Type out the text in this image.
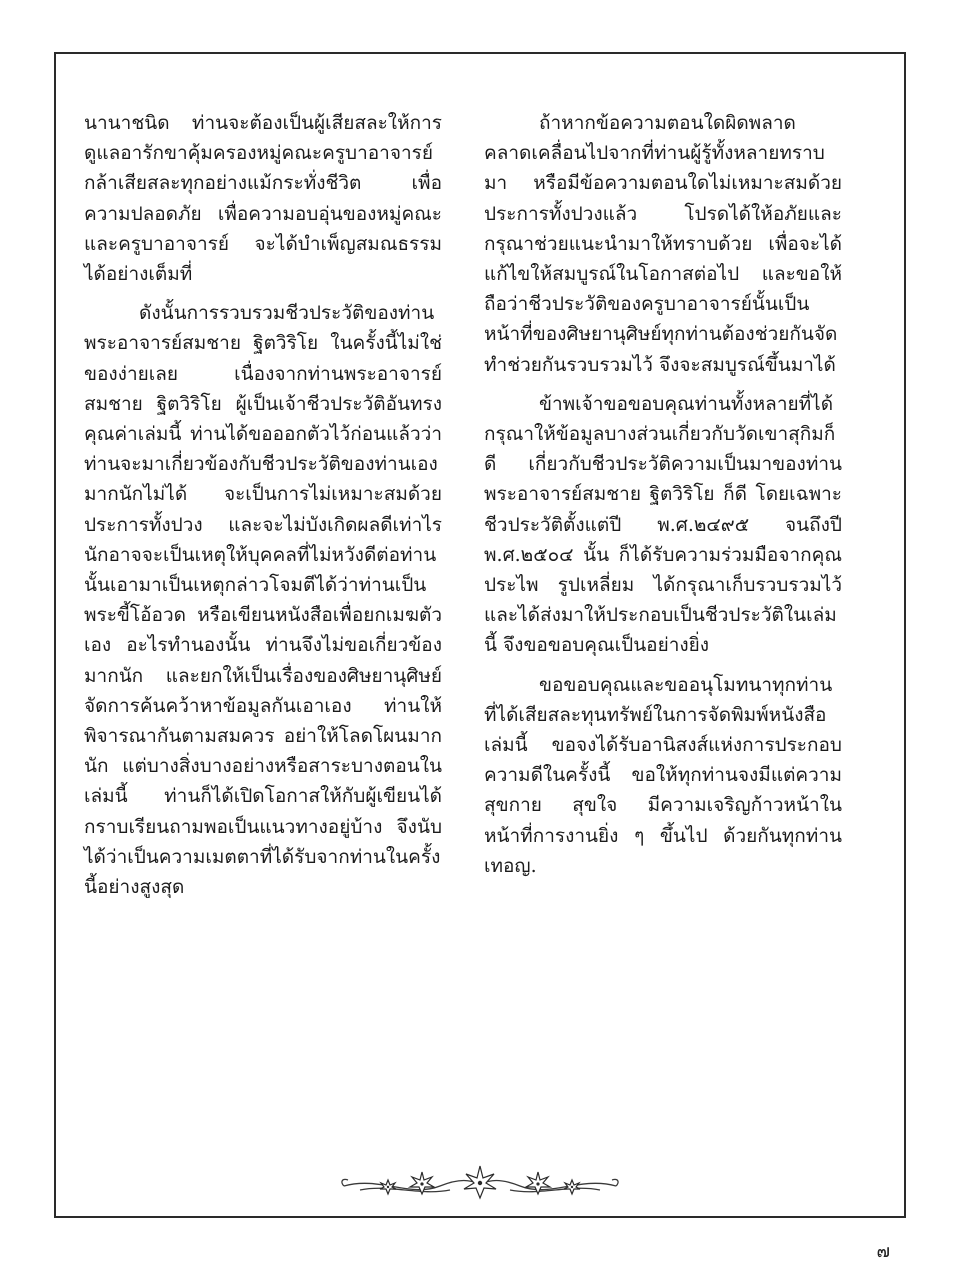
นานาชนิด ท่านจะต้องเป็นผู้เสียสละให้การดูแลอารักขาคุ้มครองหมู่คณะครูบาอาจารย์ กล้าเสียสละทุกอย่างแม้กระทั่งชีวิต เพื่อความปลอดภัย เพื่อความอบอุ่นของหมู่คณะ และครูบาอาจารย์ จะได้บำเพ็ญสมณธรรมได้อย่างเต็มที่

ดังนั้นการรวบรวมชีวประวัติของท่านพระอาจารย์สมชาย ฐิตวิริโย ในครั้งนี้ไม่ใช่ของง่ายเลย เนื่องจากท่านพระอาจารย์สมชาย ฐิตวิริโย ผู้เป็นเจ้าชีวประวัติอันทรงคุณค่าเล่มนี้ ท่านได้ขอออกตัวไว้ก่อนแล้วว่าท่านจะมาเกี่ยวข้องกับชีวประวัติของท่านเองมากนักไม่ได้ จะเป็นการไม่เหมาะสมด้วยประการทั้งปวง และจะไม่บังเกิดผลดีเท่าไรนักอาจจะเป็นเหตุให้บุคคลที่ไม่หวังดีต่อท่านนั้นเอามาเป็นเหตุกล่าวโจมตีได้ว่าท่านเป็นพระขี้โอ้อวด หรือเขียนหนังสือเพื่อยกเมฆตัวเอง อะไรทำนองนั้น ท่านจึงไม่ขอเกี่ยวข้องมากนัก และยกให้เป็นเรื่องของศิษยานุศิษย์จัดการค้นคว้าหาข้อมูลกันเอาเอง ท่านให้พิจารณากันตามสมควร อย่าให้โลดโผนมากนัก แต่บางสิ่งบางอย่างหรือสาระบางตอนในเล่มนี้ ท่านก็ได้เปิดโอกาสให้กับผู้เขียนได้กราบเรียนถามพอเป็นแนวทางอยู่บ้าง จึงนับได้ว่าเป็นความเมตตาที่ได้รับจากท่านในครั้งนี้อย่างสูงสุด

ถ้าหากข้อความตอนใดผิดพลาดคลาดเคลื่อนไปจากที่ท่านผู้รู้ทั้งหลายทราบมา หรือมีข้อความตอนใดไม่เหมาะสมด้วยประการทั้งปวงแล้ว โปรดได้ให้อภัยและกรุณาช่วยแนะนำมาให้ทราบด้วย เพื่อจะได้แก้ไขให้สมบูรณ์ในโอกาสต่อไป และขอให้ถือว่าชีวประวัติของครูบาอาจารย์นั้นเป็นหน้าที่ของศิษยานุศิษย์ทุกท่านต้องช่วยกันจัดทำช่วยกันรวบรวมไว้ จึงจะสมบูรณ์ขึ้นมาได้

ข้าพเจ้าขอขอบคุณท่านทั้งหลายที่ได้กรุณาให้ข้อมูลบางส่วนเกี่ยวกับวัดเขาสุกิมก็ดี เกี่ยวกับชีวประวัติความเป็นมาของท่านพระอาจารย์สมชาย ฐิตวิริโย ก็ดี โดยเฉพาะชีวประวัติตั้งแต่ปี พ.ศ.๒๔๙๕ จนถึงปี พ.ศ.๒๕๐๔ นั้น ก็ได้รับความร่วมมือจากคุณประไพ รูปเหลี่ยม ได้กรุณาเก็บรวบรวมไว้ และได้ส่งมาให้ประกอบเป็นชีวประวัติในเล่มนี้ จึงขอขอบคุณเป็นอย่างยิ่ง

ขอขอบคุณและขออนุโมทนาทุกท่านที่ได้เสียสละทุนทรัพย์ในการจัดพิมพ์หนังสือเล่มนี้ ขอจงได้รับอานิสงส์แห่งการประกอบความดีในครั้งนี้ ขอให้ทุกท่านจงมีแต่ความสุขกาย สุขใจ มีความเจริญก้าวหน้าในหน้าที่การงานยิ่ง ๆ ขึ้นไป ด้วยกันทุกท่าน เทอญ.

๗
